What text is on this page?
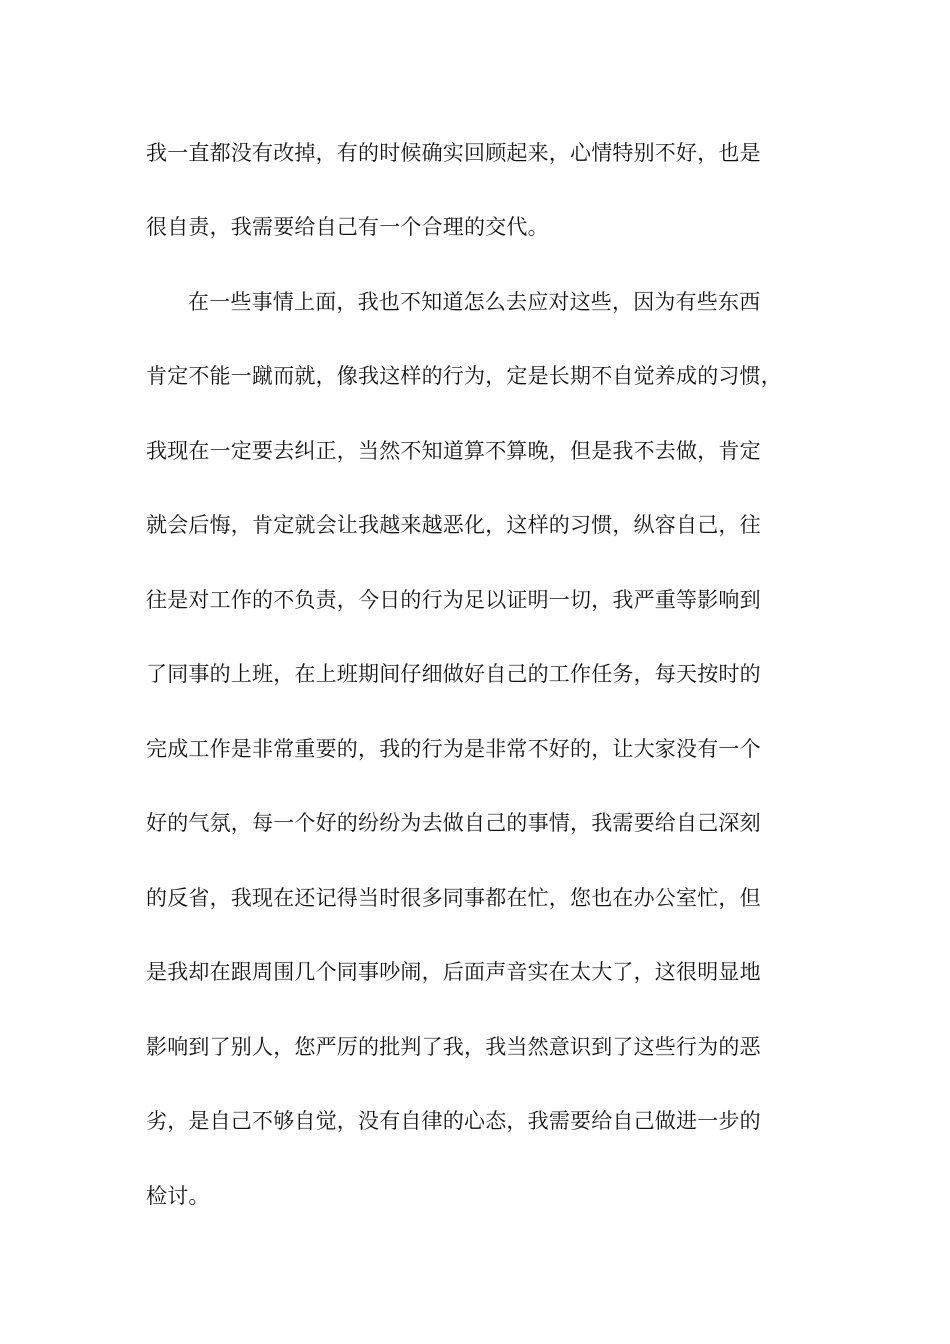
我一直都没有改掉，有的时候确实回顾起来，心情特别不好，也是
很自责，我需要给自己有一个合理的交代。
在一些事情上面，我也不知道怎么去应对这些，因为有些东西
肯定不能一蹴而就，像我这样的行为，定是长期不自觉养成的习惯，
我现在一定要去纠正，当然不知道算不算晚，但是我不去做，肯定
就会后悔，肯定就会让我越来越恶化，这样的习惯，纵容自己，往
往是对工作的不负责，今日的行为足以证明一切，我严重等影响到
了同事的上班，在上班期间仔细做好自己的工作任务，每天按时的
完成工作是非常重要的，我的行为是非常不好的，让大家没有一个
好的气氛，每一个好的纷纷为去做自己的事情，我需要给自己深刻
的反省，我现在还记得当时很多同事都在忙，您也在办公室忙，但
是我却在跟周围几个同事吵闹，后面声音实在太大了，这很明显地
影响到了别人，您严厉的批判了我，我当然意识到了这些行为的恶
劣，是自己不够自觉，没有自律的心态，我需要给自己做进一步的
检讨。
